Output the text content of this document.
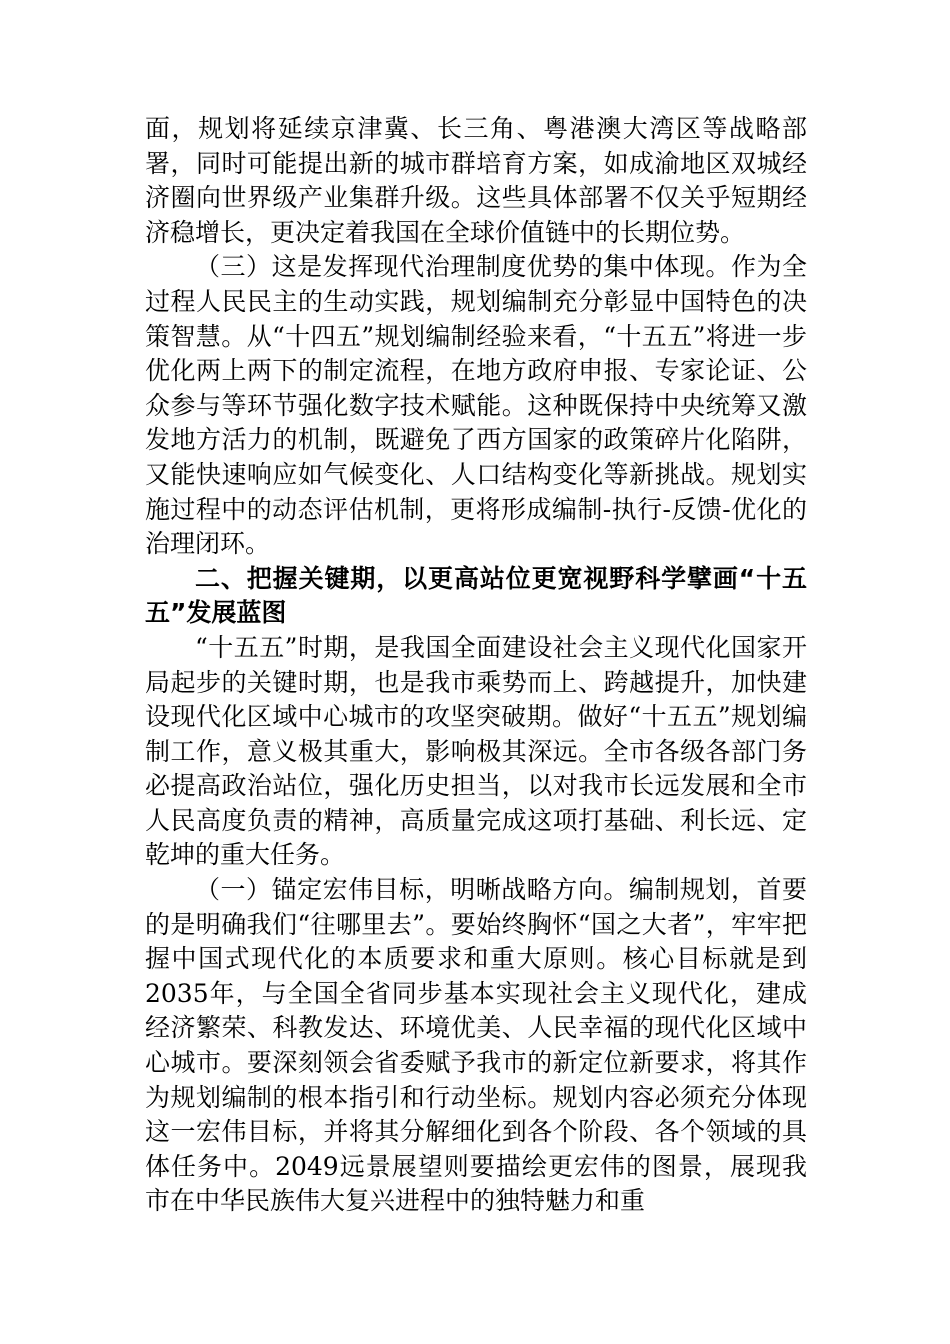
面，规划将延续京津冀、长三角、粤港澳大湾区等战略部署，同时可能提出新的城市群培育方案，如成渝地区双城经济圈向世界级产业集群升级。这些具体部署不仅关乎短期经济稳增长，更决定着我国在全球价值链中的长期位势。

（三）这是发挥现代治理制度优势的集中体现。作为全过程人民民主的生动实践，规划编制充分彰显中国特色的决策智慧。从“十四五”规划编制经验来看，“十五五”将进一步优化两上两下的制定流程，在地方政府申报、专家论证、公众参与等环节强化数字技术赋能。这种既保持中央统筹又激发地方活力的机制，既避免了西方国家的政策碎片化陷阱，又能快速响应如气候变化、人口结构变化等新挑战。规划实施过程中的动态评估机制，更将形成编制-执行-反馈-优化的治理闭环。

二、把握关键期，以更高站位更宽视野科学擘画“十五五”发展蓝图

“十五五”时期，是我国全面建设社会主义现代化国家开局起步的关键时期，也是我市乘势而上、跨越提升，加快建设现代化区域中心城市的攻坚突破期。做好“十五五”规划编制工作，意义极其重大，影响极其深远。全市各级各部门务必提高政治站位，强化历史担当，以对我市长远发展和全市人民高度负责的精神，高质量完成这项打基础、利长远、定乾坤的重大任务。

（一）锚定宏伟目标，明晰战略方向。编制规划，首要的是明确我们“往哪里去”。要始终胸怀“国之大者”，牢牢把握中国式现代化的本质要求和重大原则。核心目标就是到2035年，与全国全省同步基本实现社会主义现代化，建成经济繁荣、科教发达、环境优美、人民幸福的现代化区域中心城市。要深刻领会省委赋予我市的新定位新要求，将其作为规划编制的根本指引和行动坐标。规划内容必须充分体现这一宏伟目标，并将其分解细化到各个阶段、各个领域的具体任务中。2049远景展望则要描绘更宏伟的图景，展现我市在中华民族伟大复兴进程中的独特魅力和重
